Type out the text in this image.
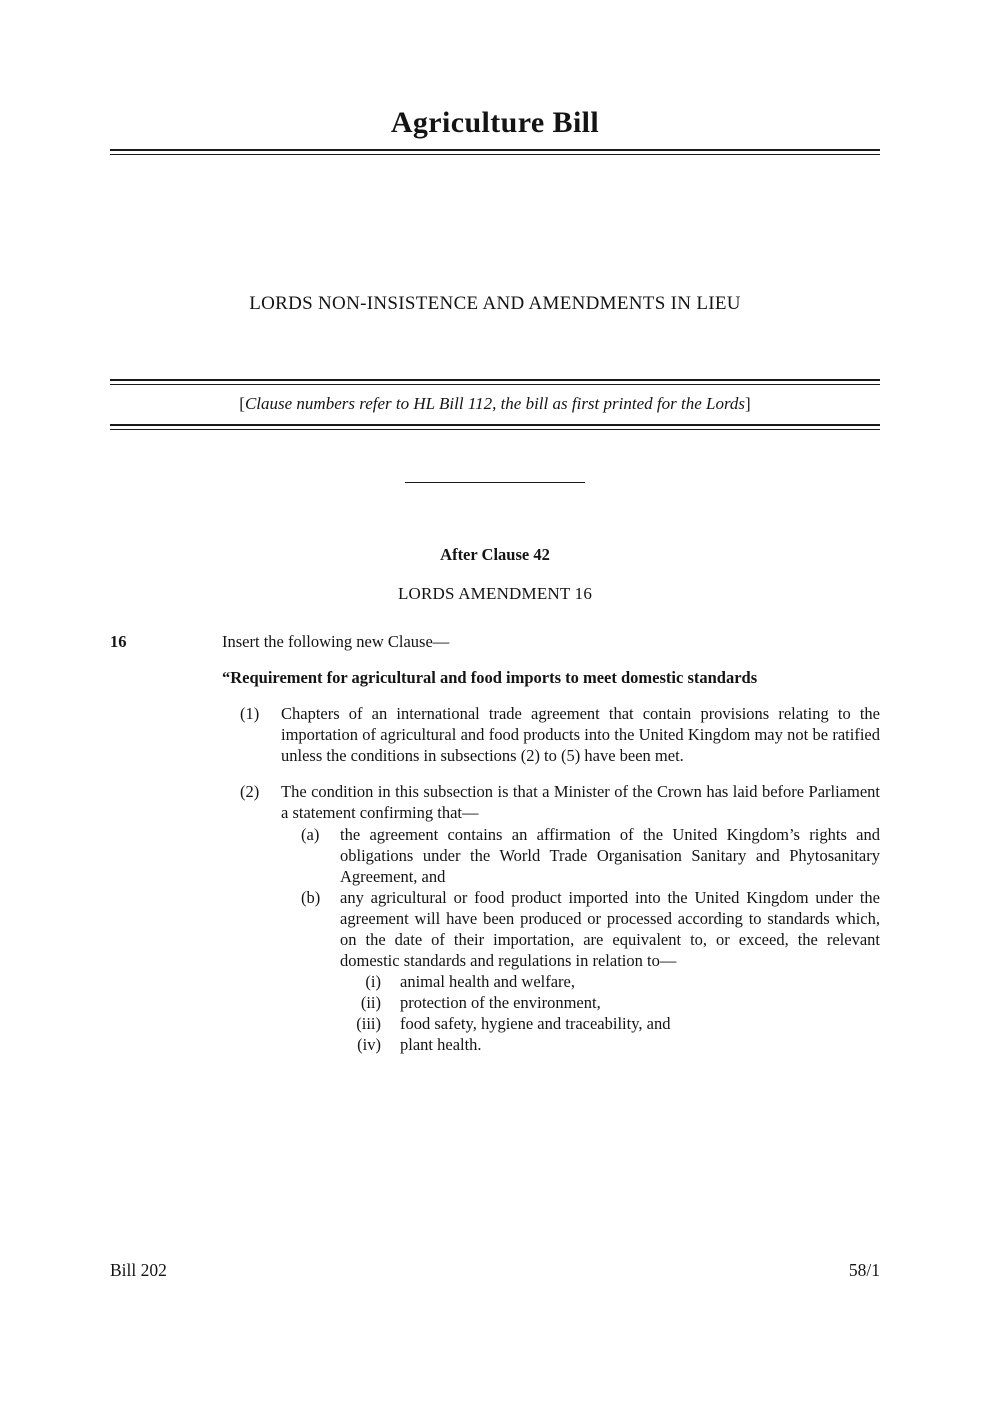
Agriculture Bill
LORDS NON-INSISTENCE AND AMENDMENTS IN LIEU

[Clause numbers refer to HL Bill 112, the bill as first printed for the Lords]

After Clause 42
LORDS AMENDMENT 16
16	Insert the following new Clause—
“Requirement for agricultural and food imports to meet domestic standards
(1)	Chapters of an international trade agreement that contain provisions relating to the importation of agricultural and food products into the United Kingdom may not be ratified unless the conditions in subsections (2) to (5) have been met.
(2)	The condition in this subsection is that a Minister of the Crown has laid before Parliament a statement confirming that—
(a)	the agreement contains an affirmation of the United Kingdom’s rights and obligations under the World Trade Organisation Sanitary and Phytosanitary Agreement, and
(b)	any agricultural or food product imported into the United Kingdom under the agreement will have been produced or processed according to standards which, on the date of their importation, are equivalent to, or exceed, the relevant domestic standards and regulations in relation to—
(i)	animal health and welfare,
(ii)	protection of the environment,
(iii)	food safety, hygiene and traceability, and
(iv)	plant health.
Bill 202	58/1
